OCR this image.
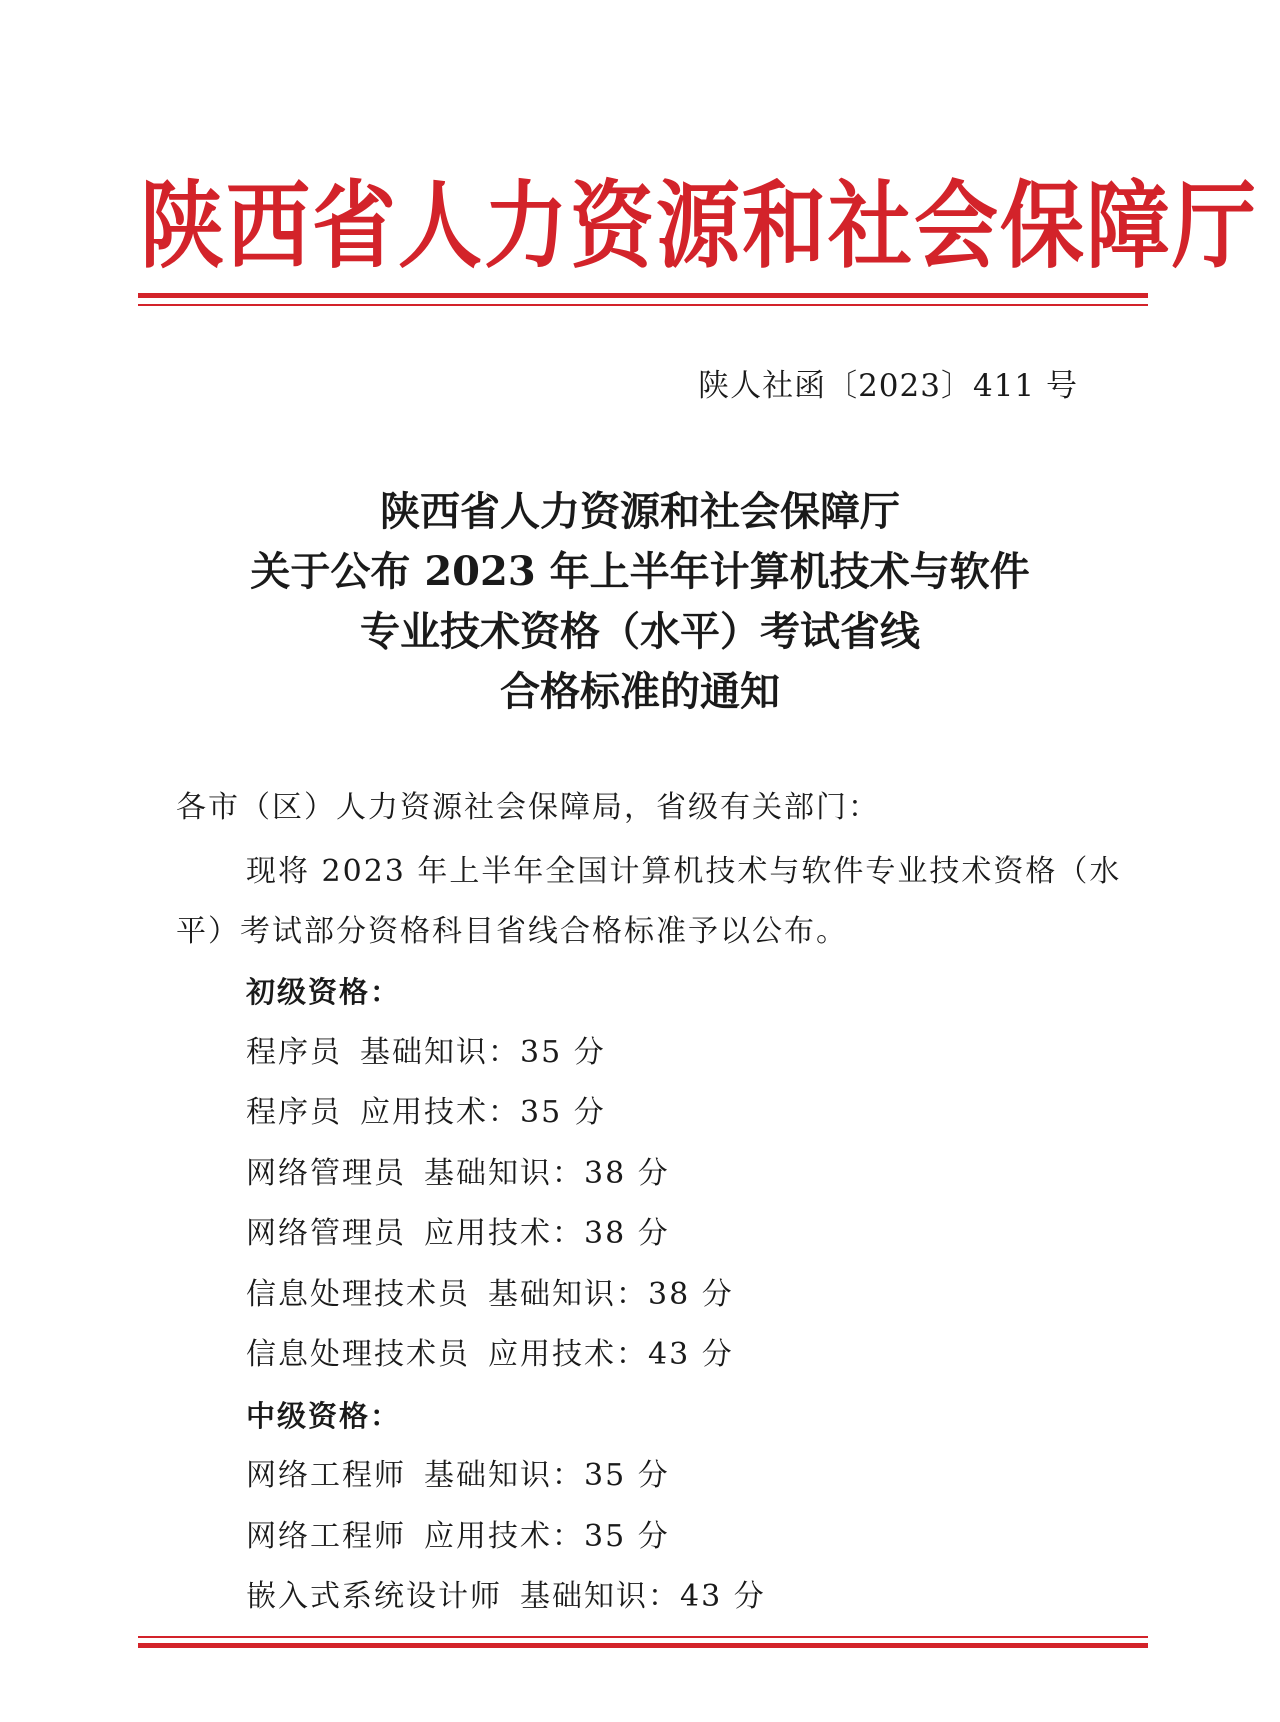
陕西省人力资源和社会保障厅
陕人社函〔2023〕411 号
陕西省人力资源和社会保障厅
关于公布 2023 年上半年计算机技术与软件
专业技术资格（水平）考试省线
合格标准的通知
各市（区）人力资源社会保障局，省级有关部门：
现将 2023 年上半年全国计算机技术与软件专业技术资格（水
平）考试部分资格科目省线合格标准予以公布。
初级资格：
程序员 基础知识：35 分
程序员 应用技术：35 分
网络管理员 基础知识：38 分
网络管理员 应用技术：38 分
信息处理技术员 基础知识：38 分
信息处理技术员 应用技术：43 分
中级资格：
网络工程师 基础知识：35 分
网络工程师 应用技术：35 分
嵌入式系统设计师 基础知识：43 分
